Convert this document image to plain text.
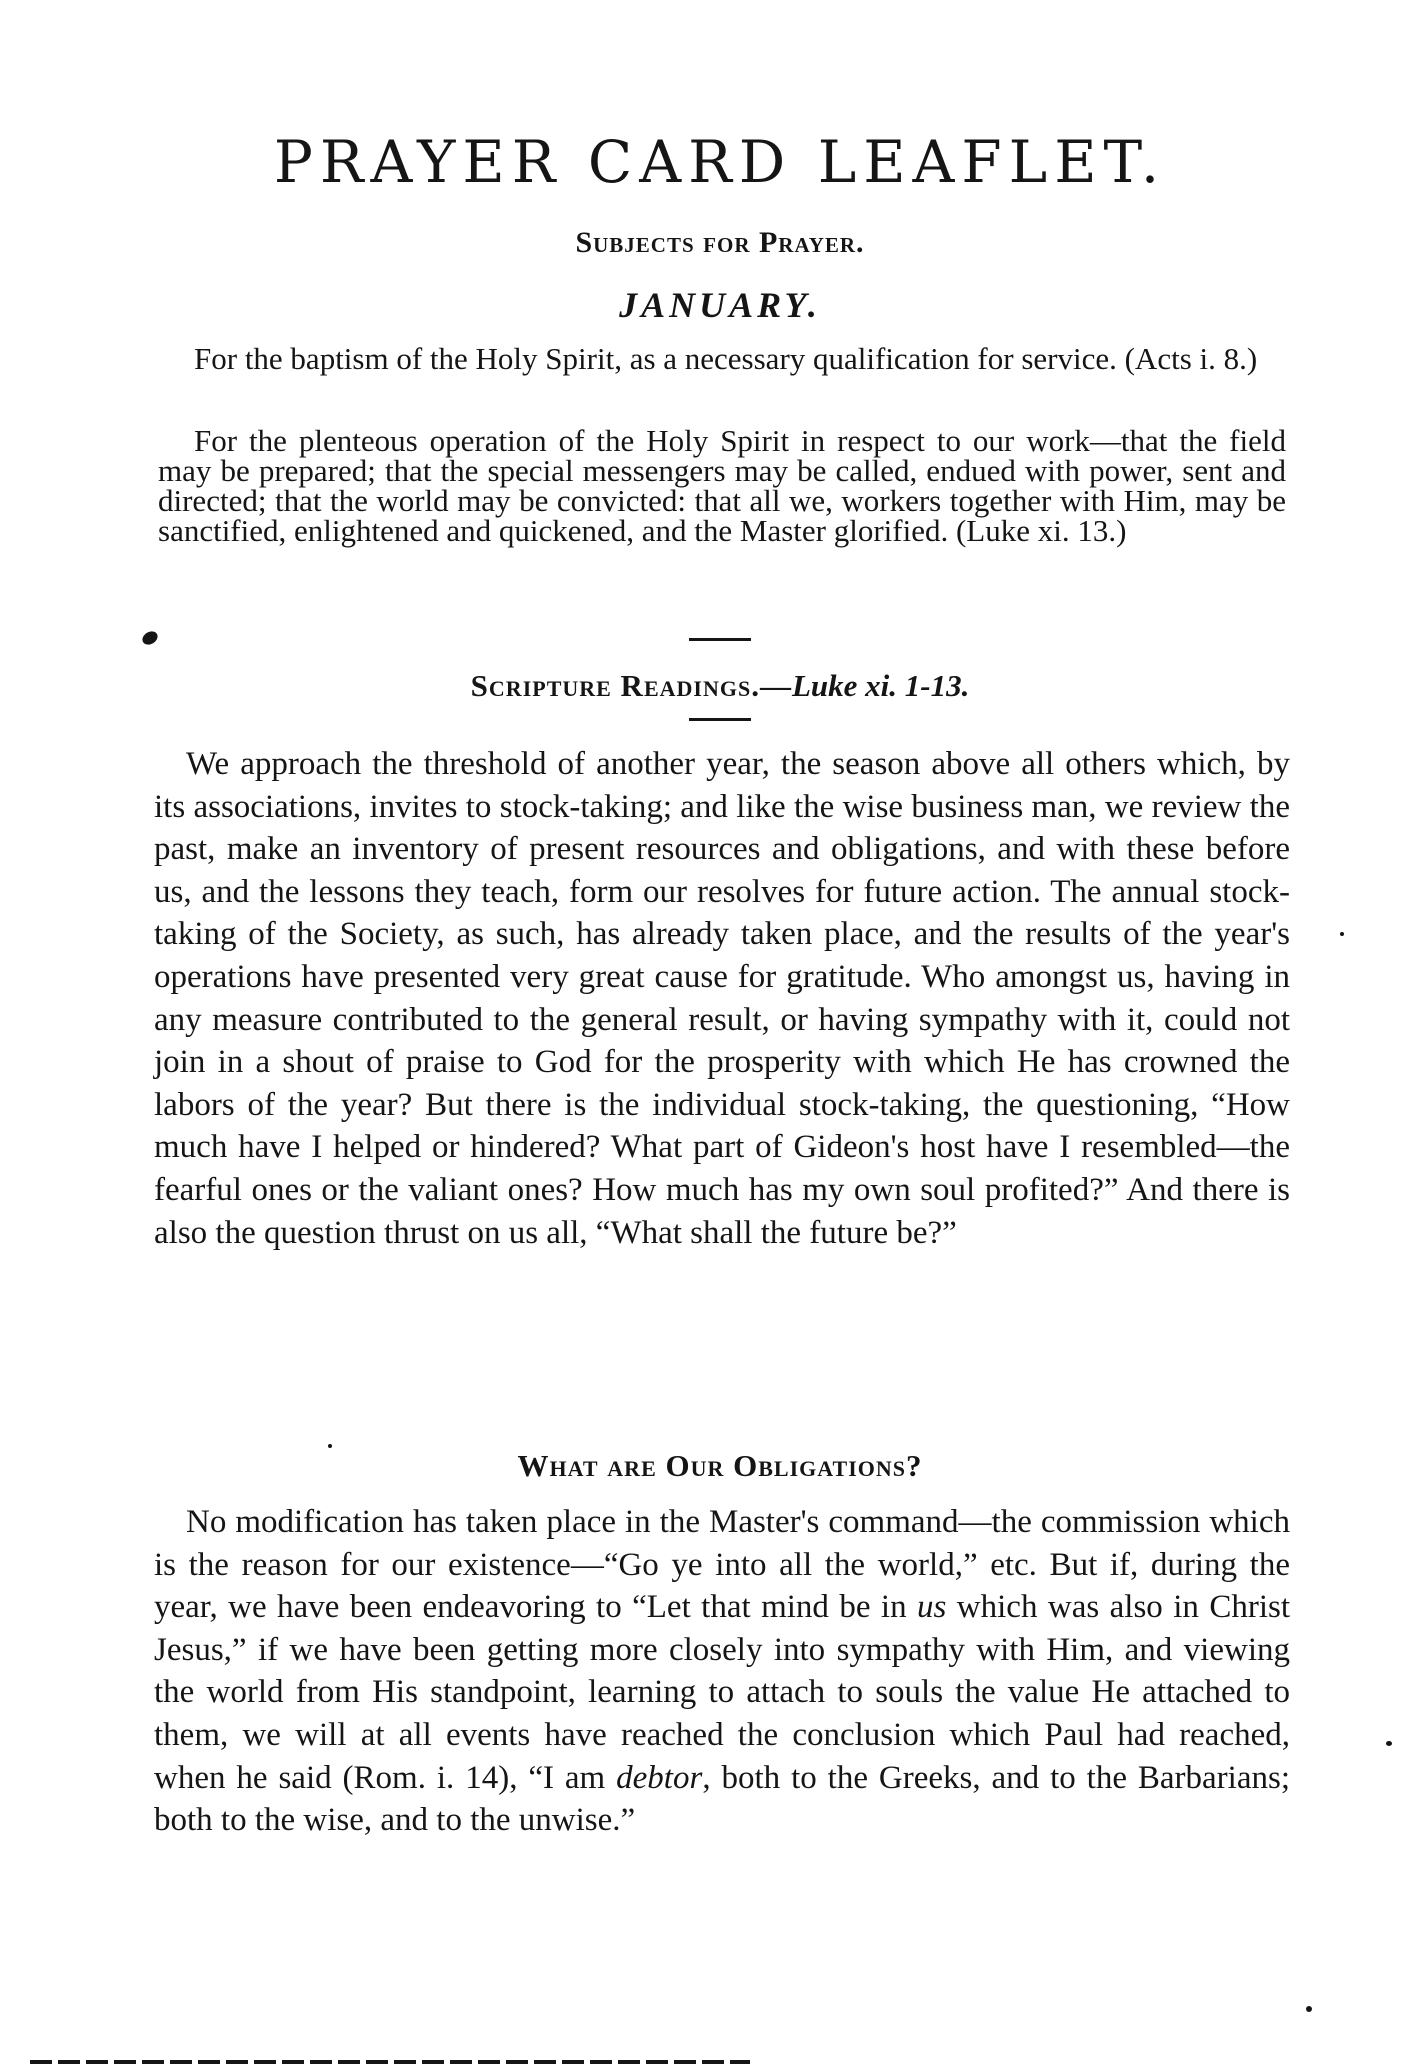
PRAYER CARD LEAFLET.
Subjects for Prayer.
JANUARY.

For the baptism of the Holy Spirit, as a necessary qualification for service. (Acts i. 8.)

For the plenteous operation of the Holy Spirit in respect to our work—that the field may be prepared; that the special messengers may be called, endued with power, sent and directed; that the world may be convicted: that all we, workers together with Him, may be sanctified, enlightened and quickened, and the Master glorified. (Luke xi. 13.)

Scripture Readings.—Luke xi. 1-13.

We approach the threshold of another year, the season above all others which, by its associations, invites to stock-taking; and like the wise business man, we review the past, make an inventory of present resources and obligations, and with these before us, and the lessons they teach, form our resolves for future action. The annual stock-taking of the Society, as such, has already taken place, and the results of the year's operations have presented very great cause for gratitude. Who amongst us, having in any measure contributed to the general result, or having sympathy with it, could not join in a shout of praise to God for the prosperity with which He has crowned the labors of the year? But there is the individual stock-taking, the questioning, “How much have I helped or hindered? What part of Gideon's host have I resembled—the fearful ones or the valiant ones? How much has my own soul profited?” And there is also the question thrust on us all, “What shall the future be?”

What are Our Obligations?

No modification has taken place in the Master's command—the commission which is the reason for our existence—“Go ye into all the world,” etc. But if, during the year, we have been endeavoring to “Let that mind be in us which was also in Christ Jesus,” if we have been getting more closely into sympathy with Him, and viewing the world from His standpoint, learning to attach to souls the value He attached to them, we will at all events have reached the conclusion which Paul had reached, when he said (Rom. i. 14), “I am debtor, both to the Greeks, and to the Barbarians; both to the wise, and to the unwise.”
